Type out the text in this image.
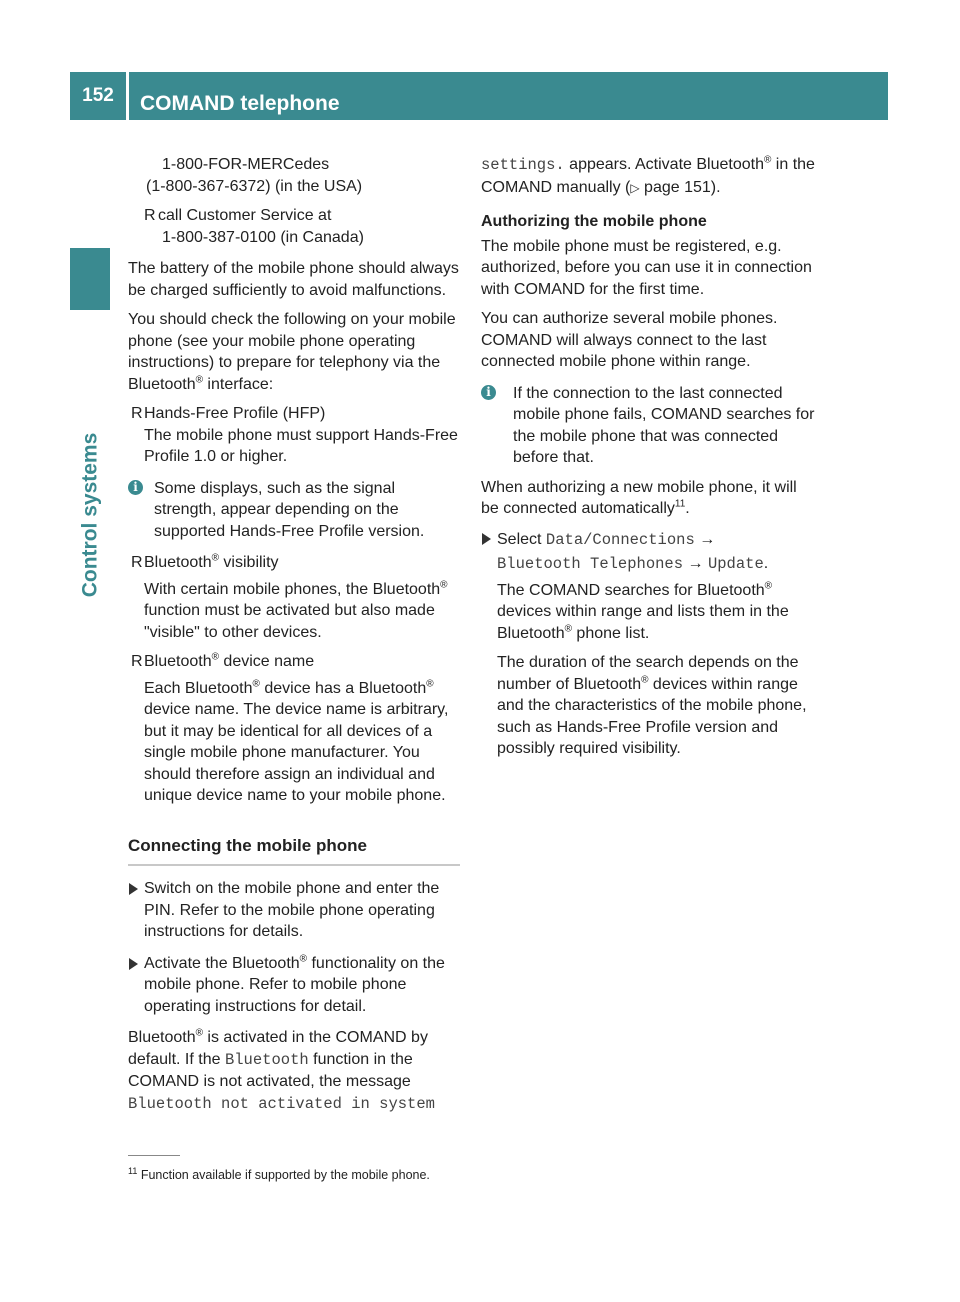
152	COMAND telephone
Control systems
1-800-FOR-MERCedes
(1-800-367-6372) (in the USA)
R call Customer Service at
1-800-387-0100 (in Canada)

The battery of the mobile phone should always be charged sufficiently to avoid malfunctions.

You should check the following on your mobile phone (see your mobile phone operating instructions) to prepare for telephony via the Bluetooth® interface:

R Hands-Free Profile (HFP)
The mobile phone must support Hands-Free Profile 1.0 or higher.
i	Some displays, such as the signal strength, appear depending on the supported Hands-Free Profile version.
R Bluetooth® visibility
With certain mobile phones, the Bluetooth® function must be activated but also made "visible" to other devices.
R Bluetooth® device name
Each Bluetooth® device has a Bluetooth® device name. The device name is arbitrary, but it may be identical for all devices of a single mobile phone manufacturer. You should therefore assign an individual and unique device name to your mobile phone.
Connecting the mobile phone
Switch on the mobile phone and enter the PIN. Refer to the mobile phone operating instructions for details.
Activate the Bluetooth® functionality on the mobile phone. Refer to mobile phone operating instructions for detail.

Bluetooth® is activated in the COMAND by default. If the Bluetooth function in the COMAND is not activated, the message Bluetooth not activated in system

settings. appears. Activate Bluetooth® in the COMAND manually (▷ page 151).

Authorizing the mobile phone

The mobile phone must be registered, e.g. authorized, before you can use it in connection with COMAND for the first time.

You can authorize several mobile phones. COMAND will always connect to the last connected mobile phone within range.

i	If the connection to the last connected mobile phone fails, COMAND searches for the mobile phone that was connected before that.

When authorizing a new mobile phone, it will be connected automatically$^{11}$.

Select Data/Connections →
Bluetooth Telephones → Update.
The COMAND searches for Bluetooth® devices within range and lists them in the Bluetooth® phone list.
The duration of the search depends on the number of Bluetooth® devices within range and the characteristics of the mobile phone, such as Hands-Free Profile version and possibly required visibility.
$^{11}$ Function available if supported by the mobile phone.
